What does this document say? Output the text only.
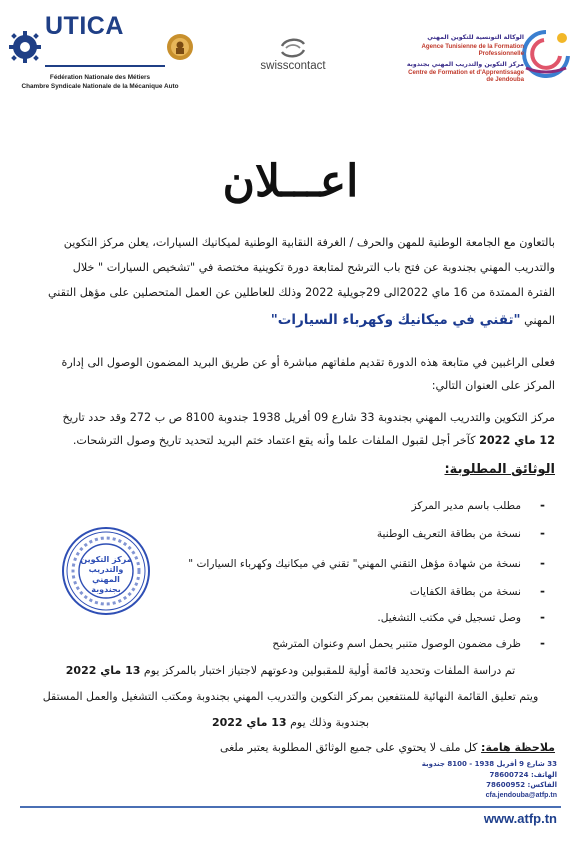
UTICA
Fédération Nationale des Métiers
Chambre Syndicale Nationale de la Mécanique Auto
swisscontact
الوكالة التونسية للتكوين المهني
Agence Tunisienne de la Formation
Professionnelle
مركز التكوين والتدريب المهني بجندوبة
Centre de Formation et d'Apprentissage
de Jendouba
اعـــلان
بالتعاون مع الجامعة الوطنية للمهن والحرف / الغرفة النقابية الوطنية لميكانيك السيارات، يعلن مركز التكوين
والتدريب المهني بجندوبة عن فتح باب الترشح لمتابعة دورة تكوينية مختصة في "تشخيص السيارات " خلال
الفترة الممتدة من 16 ماي 2022الى 29جويلية 2022 وذلك للعاطلين عن العمل المتحصلين على مؤهل التقني
المهني "تقني في ميكانيك وكهرباء السيارات"
فعلى الراغبين في متابعة هذه الدورة تقديم ملفاتهم مباشرة أو عن طريق البريد المضمون الوصول الى إدارة
المركز على العنوان التالي:
مركز التكوين والتدريب المهني بجندوبة 33 شارع 09 أفريل 1938 جندوبة 8100 ص ب 272 وقد حدد تاريخ
12 ماي 2022 كآخر أجل لقبول الملفات علما وأنه يقع اعتماد ختم البريد لتحديد تاريخ وصول الترشحات.
الوثائق المطلوبة:
-
مطلب باسم مدير المركز
-
نسخة من بطاقة التعريف الوطنية
-
نسخة من شهادة مؤهل التقني المهني" تقني في ميكانيك وكهرباء السيارات "
-
نسخة من بطاقة الكفايات
-
وصل تسجيل في مكتب التشغيل.
-
ظرف مضمون الوصول متنبر يحمل اسم وعنوان المترشح
مركز التكوين
والتدريب المهني
بجندوبة
تم دراسة الملفات وتحديد قائمة أولية للمقبولين ودعوتهم لاجتياز اختبار بالمركز يوم 13 ماي 2022
ويتم تعليق القائمة النهائية للمنتفعين بمركز التكوين والتدريب المهني بجندوبة ومكتب التشغيل والعمل المستقل
بجندوبة وذلك يوم 13 ماي 2022
ملاحظة هامة: كل ملف لا يحتوي على جميع الوثائق المطلوبة يعتبر ملغى
33 شارع 9 أفريل 1938 - 8100 جندوبة
الهاتف: 78600724
الفاكس: 78600952
cfa.jendouba@atfp.tn
www.atfp.tn
